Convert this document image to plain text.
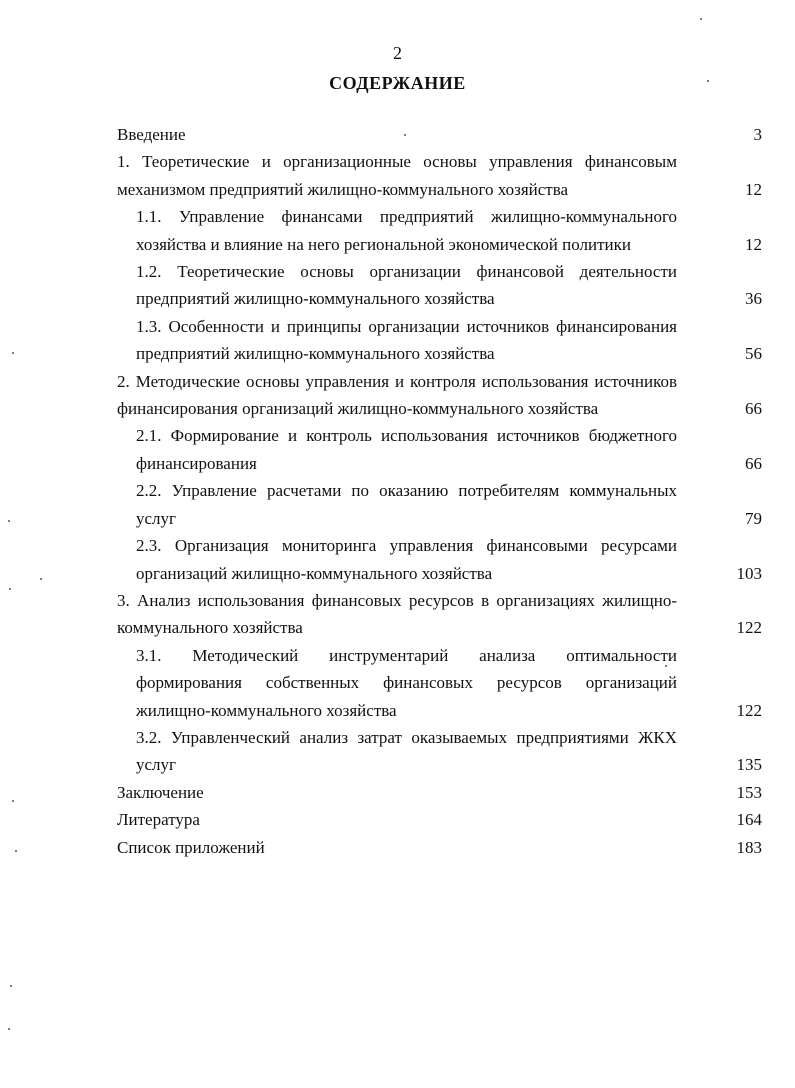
2
СОДЕРЖАНИЕ
Введение	3
1. Теоретические и организационные основы управления финансовым механизмом предприятий жилищно-коммунального хозяйства	12
1.1. Управление финансами предприятий жилищно-коммунального хозяйства и влияние на него региональной экономической политики	12
1.2. Теоретические основы организации финансовой деятельности предприятий жилищно-коммунального хозяйства	36
1.3. Особенности и принципы организации источников финансирования предприятий жилищно-коммунального хозяйства	56
2. Методические основы управления и контроля использования источников финансирования организаций жилищно-коммунального хозяйства	66
2.1. Формирование и контроль использования источников бюджетного финансирования	66
2.2. Управление расчетами по оказанию потребителям коммунальных услуг	79
2.3. Организация мониторинга управления финансовыми ресурсами организаций жилищно-коммунального хозяйства	103
3. Анализ использования финансовых ресурсов в организациях жилищно-коммунального хозяйства	122
3.1. Методический инструментарий анализа оптимальности формирования собственных финансовых ресурсов организаций жилищно-коммунального хозяйства	122
3.2. Управленческий анализ затрат оказываемых предприятиями ЖКХ услуг	135
Заключение	153
Литература	164
Список приложений	183
